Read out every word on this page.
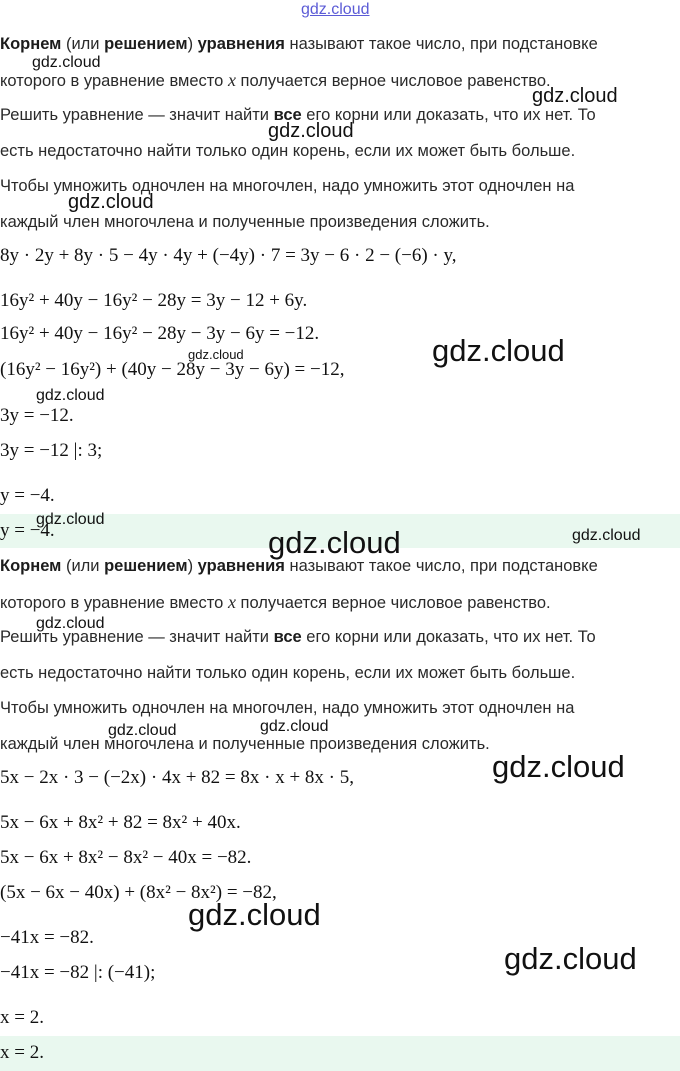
Корнем (или решением) уравнения называют такое число, при подстановке
которого в уравнение вместо x получается верное числовое равенство.
Решить уравнение — значит найти все его корни или доказать, что их нет. То
есть недостаточно найти только один корень, если их может быть больше.
Чтобы умножить одночлен на многочлен, надо умножить этот одночлен на
каждый член многочлена и полученные произведения сложить.
8y · 2y + 8y · 5 − 4y · 4y + (−4y) · 7 = 3y − 6 · 2 − (−6) · y,
16y² + 40y − 16y² − 28y = 3y − 12 + 6y.
16y² + 40y − 16y² − 28y − 3y − 6y = −12.
(16y² − 16y²) + (40y − 28y − 3y − 6y) = −12,
3y = −12.
3y = −12 |: 3;
y = −4.
y = −4.
Корнем (или решением) уравнения называют такое число, при подстановке
которого в уравнение вместо x получается верное числовое равенство.
Решить уравнение — значит найти все его корни или доказать, что их нет. То
есть недостаточно найти только один корень, если их может быть больше.
Чтобы умножить одночлен на многочлен, надо умножить этот одночлен на
каждый член многочлена и полученные произведения сложить.
5x − 2x · 3 − (−2x) · 4x + 82 = 8x · x + 8x · 5,
5x − 6x + 8x² + 82 = 8x² + 40x.
5x − 6x + 8x² − 8x² − 40x = −82.
(5x − 6x − 40x) + (8x² − 8x²) = −82,
−41x = −82.
−41x = −82 |: (−41);
x = 2.
x = 2.
gdz.cloud
gdz.cloud
gdz.cloud
gdz.cloud
gdz.cloud
gdz.cloud
gdz.cloud
gdz.cloud
gdz.cloud
gdz.cloud
gdz.cloud
gdz.cloud
gdz.cloud	gdz.cloud
gdz.cloud
gdz.cloud
gdz.cloud
